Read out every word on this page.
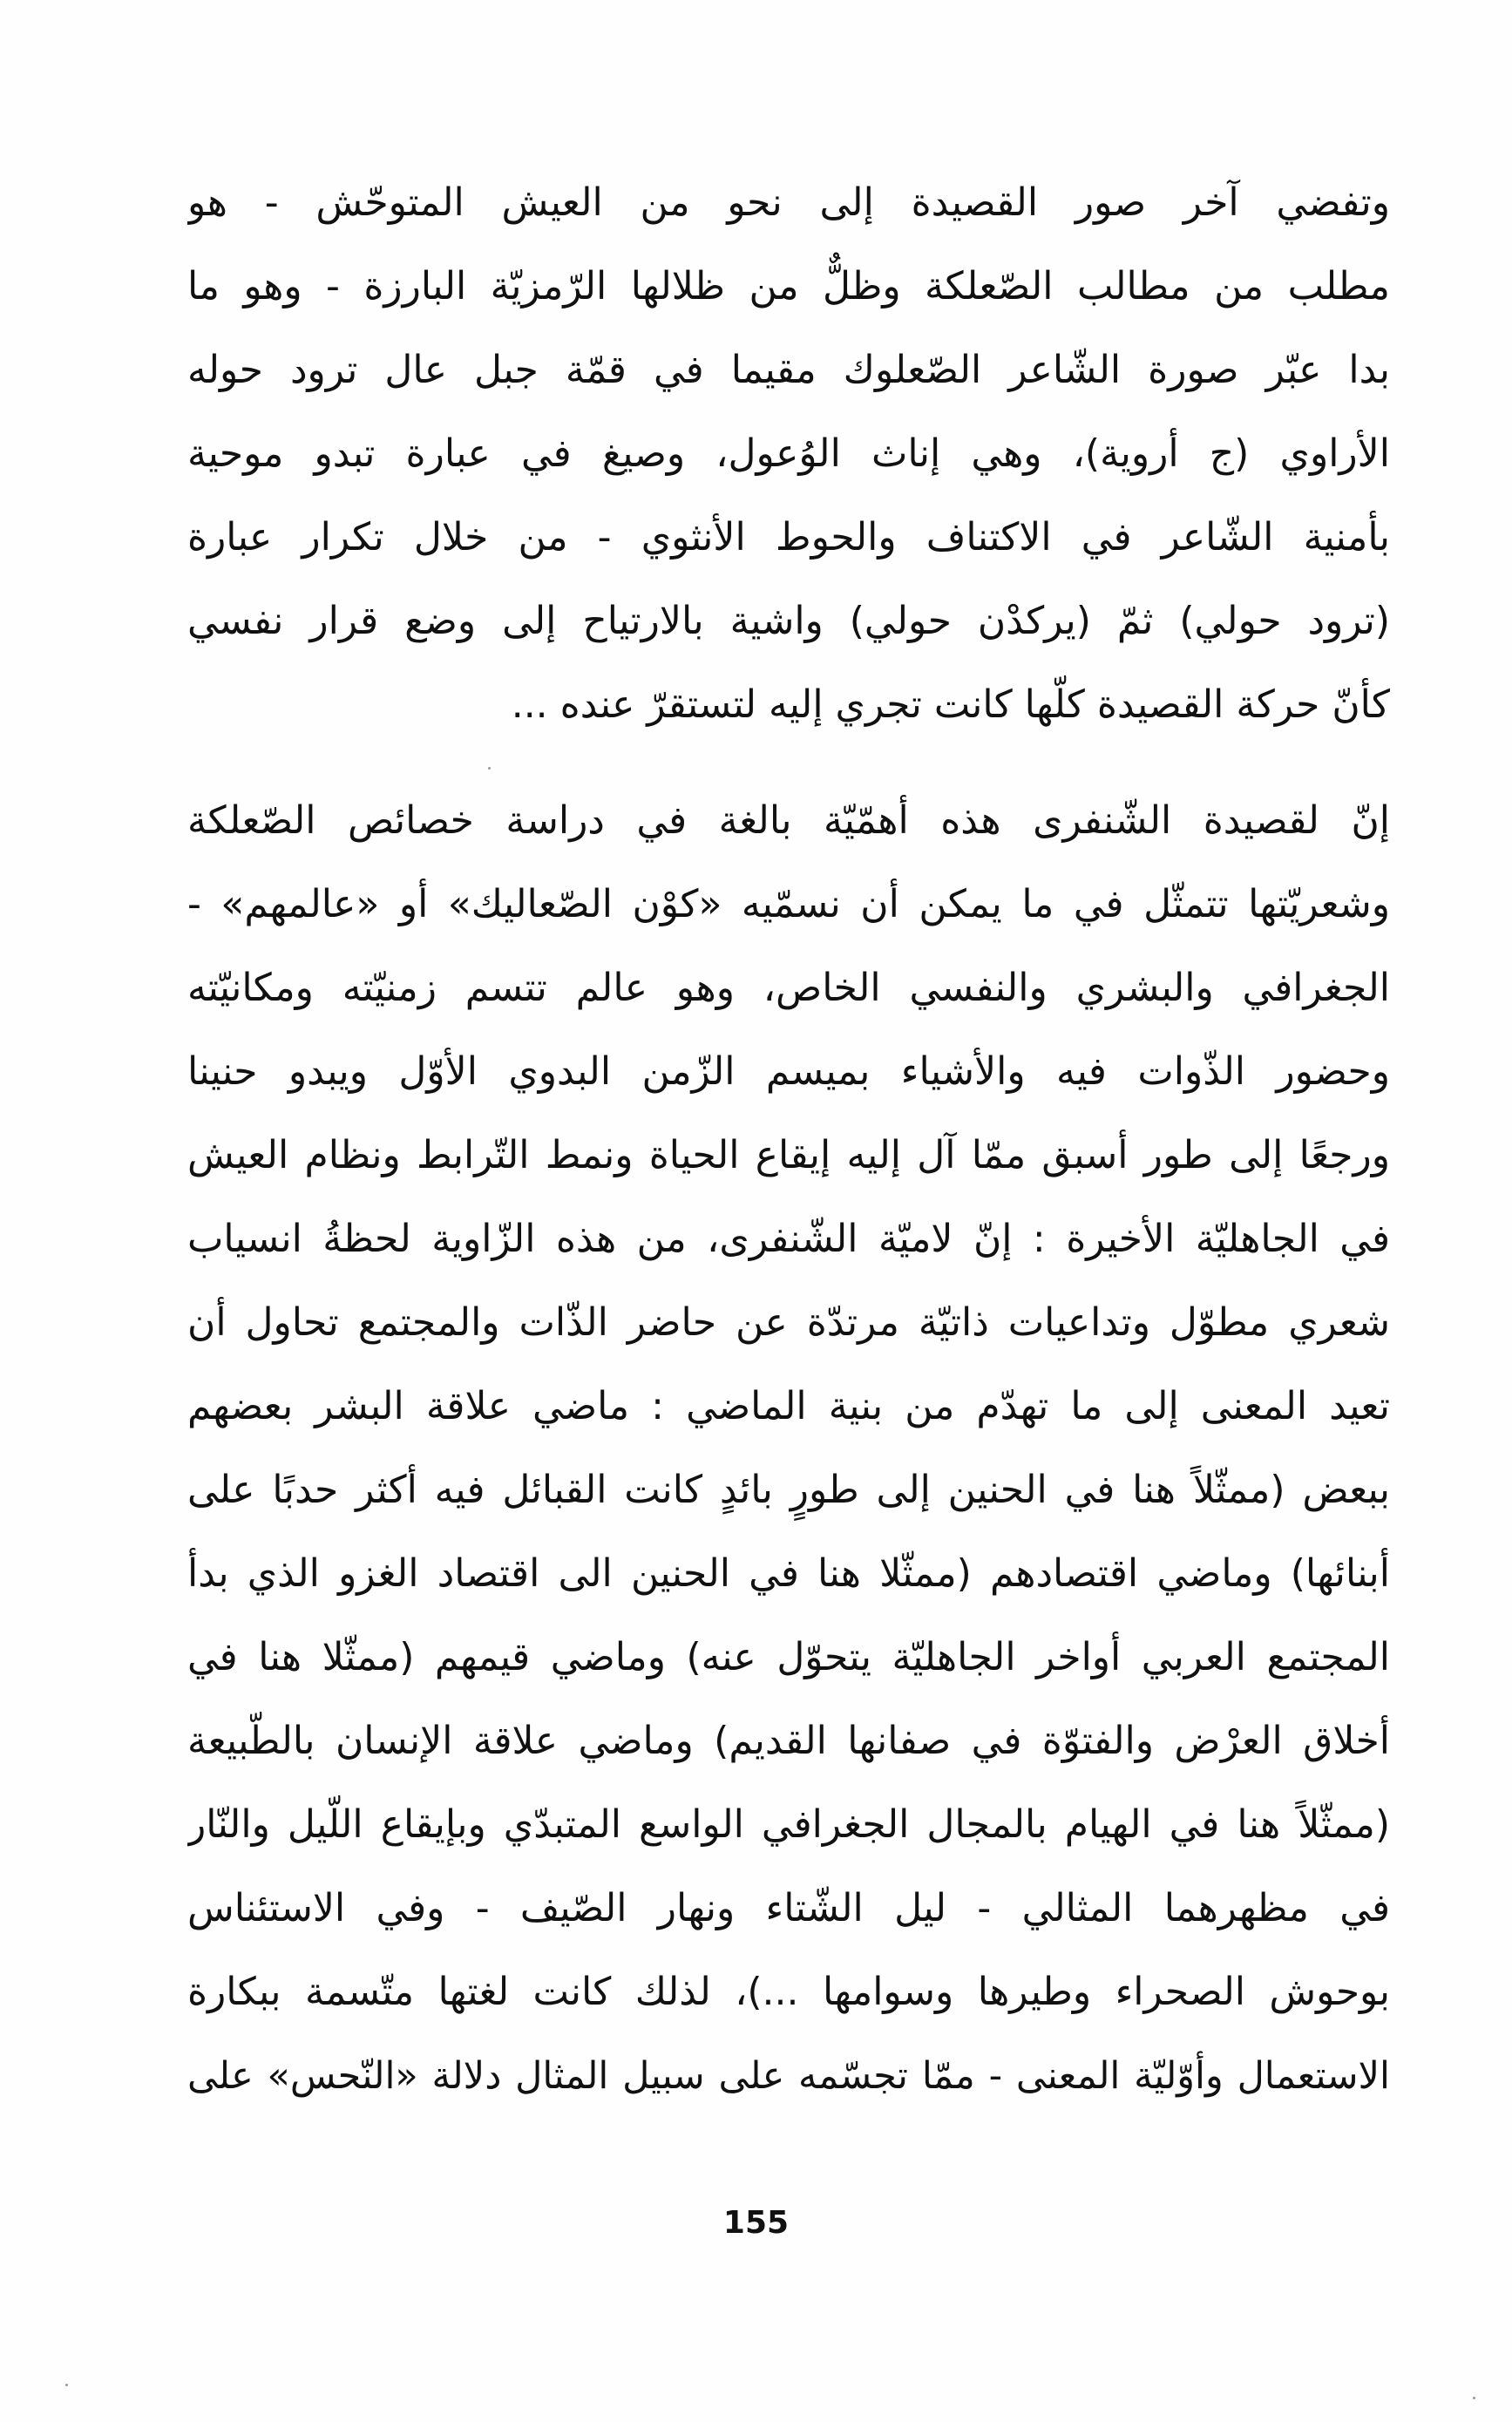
وتفضي آخر صور القصيدة إلى نحو من العيش المتوحّش - هو
مطلب من مطالب الصّعلكة وظلٌّ من ظلالها الرّمزيّة البارزة - وهو ما
بدا عبّر صورة الشّاعر الصّعلوك مقيما في قمّة جبل عال ترود حوله
الأراوي (ج أروية)، وهي إناث الوُعول، وصيغ في عبارة تبدو موحية
بأمنية الشّاعر في الاكتناف والحوط الأنثوي - من خلال تكرار عبارة
(ترود حولي) ثمّ (يركدْن حولي) واشية بالارتياح إلى وضع قرار نفسي
كأنّ حركة القصيدة كلّها كانت تجري إليه لتستقرّ عنده ...
إنّ لقصيدة الشّنفرى هذه أهمّيّة بالغة في دراسة خصائص الصّعلكة
وشعريّتها تتمثّل في ما يمكن أن نسمّيه «كوْن الصّعاليك» أو «عالمهم» -
الجغرافي والبشري والنفسي الخاص، وهو عالم تتسم زمنيّته ومكانيّته
وحضور الذّوات فيه والأشياء بميسم الزّمن البدوي الأوّل ويبدو حنينا
ورجعًا إلى طور أسبق ممّا آل إليه إيقاع الحياة ونمط التّرابط ونظام العيش
في الجاهليّة الأخيرة : إنّ لاميّة الشّنفرى، من هذه الزّاوية لحظةُ انسياب
شعري مطوّل وتداعيات ذاتيّة مرتدّة عن حاضر الذّات والمجتمع تحاول أن
تعيد المعنى إلى ما تهدّم من بنية الماضي : ماضي علاقة البشر بعضهم
ببعض (ممثّلاً هنا في الحنين إلى طورٍ بائدٍ كانت القبائل فيه أكثر حدبًا على
أبنائها) وماضي اقتصادهم (ممثّلا هنا في الحنين الى اقتصاد الغزو الذي بدأ
المجتمع العربي أواخر الجاهليّة يتحوّل عنه) وماضي قيمهم (ممثّلا هنا في
أخلاق العرْض والفتوّة في صفانها القديم) وماضي علاقة الإنسان بالطّبيعة
(ممثّلاً هنا في الهيام بالمجال الجغرافي الواسع المتبدّي وبإيقاع اللّيل والنّار
في مظهرهما المثالي - ليل الشّتاء ونهار الصّيف - وفي الاستئناس
بوحوش الصحراء وطيرها وسوامها ...)، لذلك كانت لغتها متّسمة ببكارة
الاستعمال وأوّليّة المعنى - ممّا تجسّمه على سبيل المثال دلالة «النّحس» على
155
